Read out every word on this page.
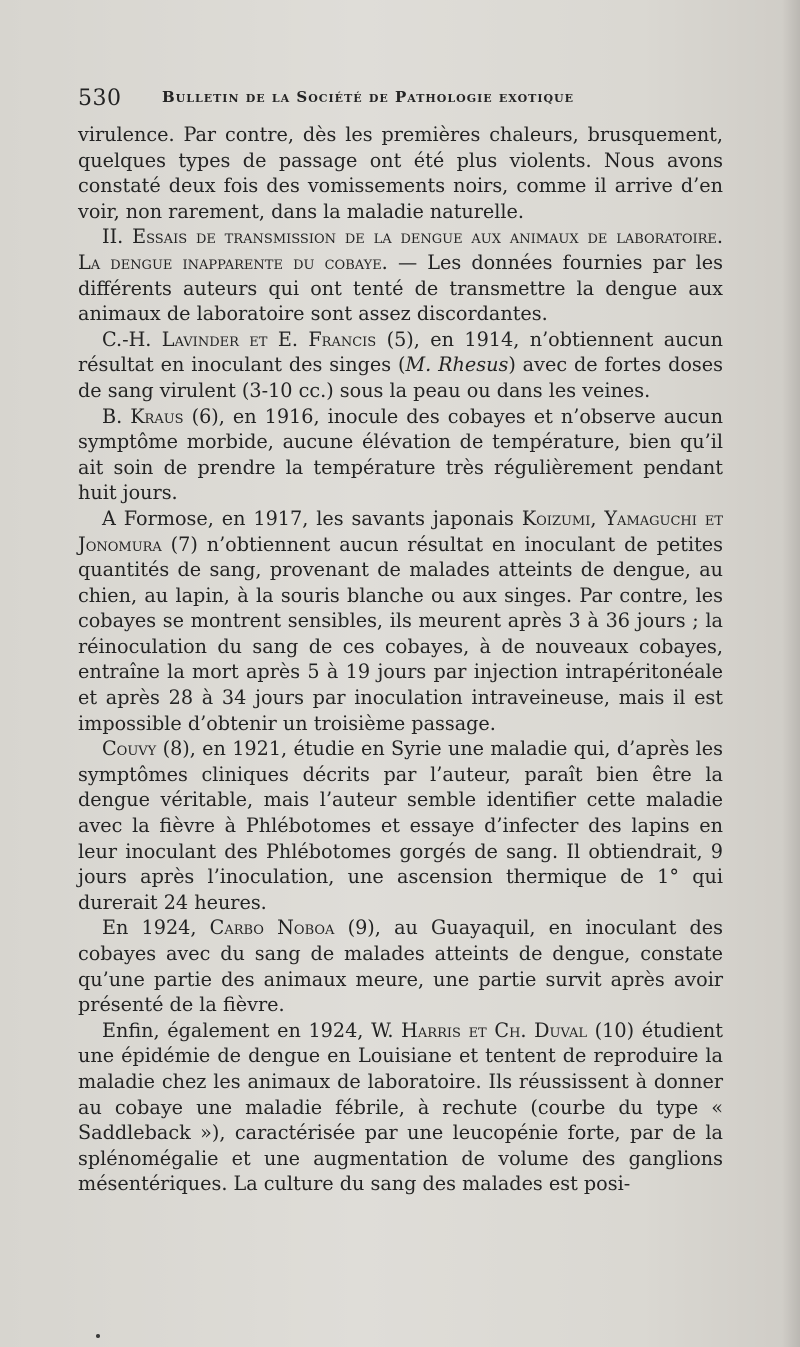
530	Bulletin de la Société de Pathologie exotique

virulence. Par contre, dès les premières chaleurs, brusquement, quelques types de passage ont été plus violents. Nous avons constaté deux fois des vomissements noirs, comme il arrive d’en voir, non rarement, dans la maladie naturelle.

II. Essais de transmission de la dengue aux animaux de laboratoire. La dengue inapparente du cobaye. — Les données fournies par les différents auteurs qui ont tenté de transmettre la dengue aux animaux de laboratoire sont assez discordantes.

C.-H. Lavinder et E. Francis (5), en 1914, n’obtiennent aucun résultat en inoculant des singes (M. Rhesus) avec de fortes doses de sang virulent (3-10 cc.) sous la peau ou dans les veines.

B. Kraus (6), en 1916, inocule des cobayes et n’observe aucun symptôme morbide, aucune élévation de température, bien qu’il ait soin de prendre la température très régulièrement pendant huit jours.

A Formose, en 1917, les savants japonais Koizumi, Yamaguchi et Jonomura (7) n’obtiennent aucun résultat en inoculant de petites quantités de sang, provenant de malades atteints de dengue, au chien, au lapin, à la souris blanche ou aux singes. Par contre, les cobayes se montrent sensibles, ils meurent après 3 à 36 jours ; la réinoculation du sang de ces cobayes, à de nouveaux cobayes, entraîne la mort après 5 à 19 jours par injection intrapéritonéale et après 28 à 34 jours par inoculation intraveineuse, mais il est impossible d’obtenir un troisième passage.

Couvy (8), en 1921, étudie en Syrie une maladie qui, d’après les symptômes cliniques décrits par l’auteur, paraît bien être la dengue véritable, mais l’auteur semble identifier cette maladie avec la fièvre à Phlébotomes et essaye d’infecter des lapins en leur inoculant des Phlébotomes gorgés de sang. Il obtiendrait, 9 jours après l’inoculation, une ascension thermique de 1° qui durerait 24 heures.

En 1924, Carbo Noboa (9), au Guayaquil, en inoculant des cobayes avec du sang de malades atteints de dengue, constate qu’une partie des animaux meure, une partie survit après avoir présenté de la fièvre.

Enfin, également en 1924, W. Harris et Ch. Duval (10) étudient une épidémie de dengue en Louisiane et tentent de reproduire la maladie chez les animaux de laboratoire. Ils réussissent à donner au cobaye une maladie fébrile, à rechute (courbe du type « Saddleback »), caractérisée par une leucopénie forte, par de la splénomégalie et une augmentation de volume des ganglions mésentériques. La culture du sang des malades est posi-
